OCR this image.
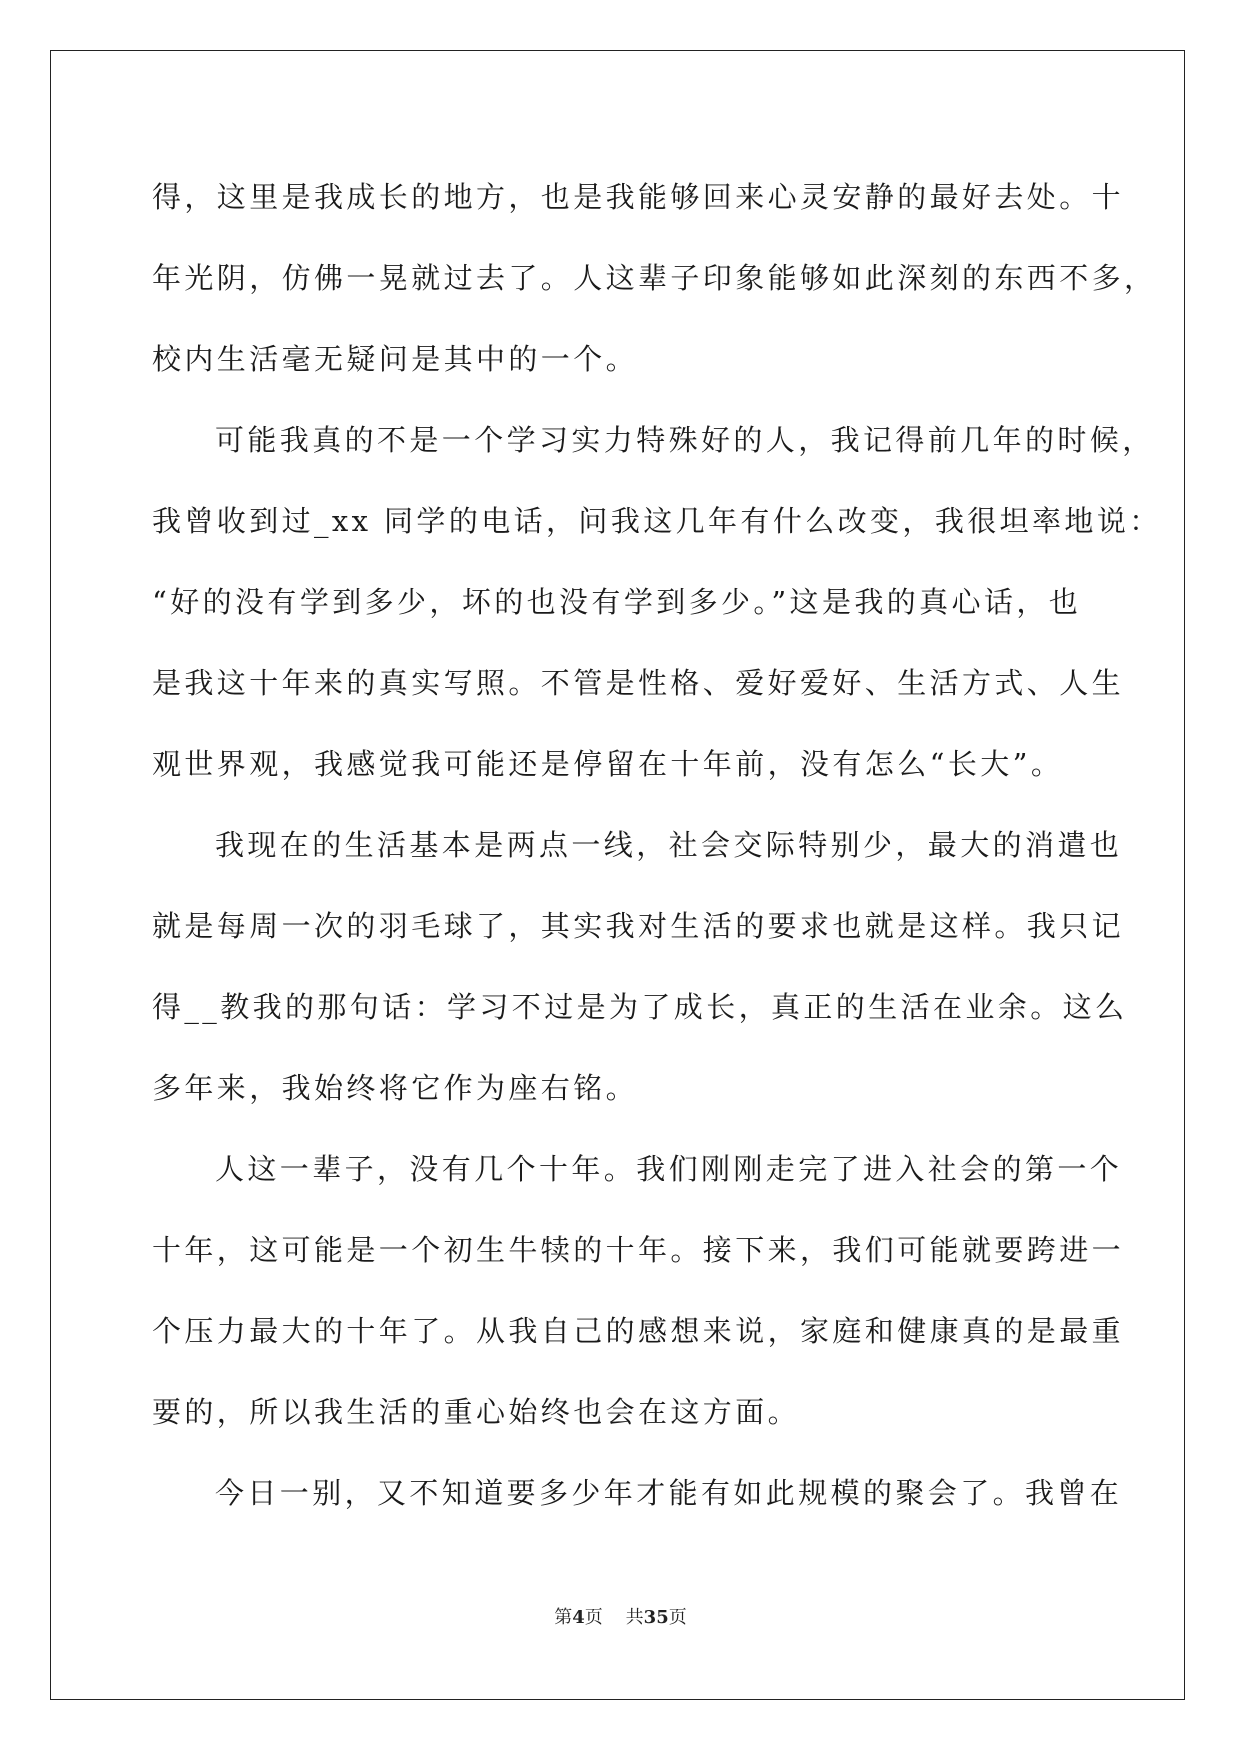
得，这里是我成长的地方，也是我能够回来心灵安静的最好去处。十
年光阴，仿佛一晃就过去了。人这辈子印象能够如此深刻的东西不多，
校内生活毫无疑问是其中的一个。
可能我真的不是一个学习实力特殊好的人，我记得前几年的时候，
我曾收到过_xx 同学的电话，问我这几年有什么改变，我很坦率地说：
“好的没有学到多少，坏的也没有学到多少。”这是我的真心话，也
是我这十年来的真实写照。不管是性格、爱好爱好、生活方式、人生
观世界观，我感觉我可能还是停留在十年前，没有怎么“长大”。
我现在的生活基本是两点一线，社会交际特别少，最大的消遣也
就是每周一次的羽毛球了，其实我对生活的要求也就是这样。我只记
得__教我的那句话：学习不过是为了成长，真正的生活在业余。这么
多年来，我始终将它作为座右铭。
人这一辈子，没有几个十年。我们刚刚走完了进入社会的第一个
十年，这可能是一个初生牛犊的十年。接下来，我们可能就要跨进一
个压力最大的十年了。从我自己的感想来说，家庭和健康真的是最重
要的，所以我生活的重心始终也会在这方面。
今日一别，又不知道要多少年才能有如此规模的聚会了。我曾在
第4页 共35页
